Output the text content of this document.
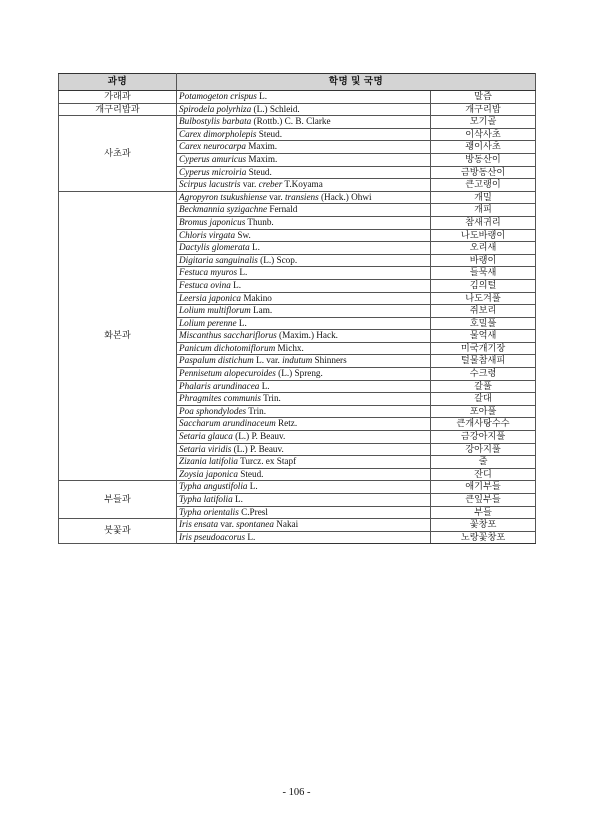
과명	학명 및 국명	
가래과	Potamogeton crispus L.	말즘
개구리밥과	Spirodela polyrhiza (L.) Schleid.	개구리밥
사초과	Bulbostylis barbata (Rottb.) C. B. Clarke	모기골
	Carex dimorpholepis Steud.	이삭사초
	Carex neurocarpa Maxim.	괭이사초
	Cyperus amuricus Maxim.	방동산이
	Cyperus microiria Steud.	금방동산이
	Scirpus lacustris var. creber T.Koyama	큰고랭이
화본과	Agropyron tsukushiense var. transiens (Hack.) Ohwi	개밀
	Beckmannia syzigachne Fernald	개피
	Bromus japonicus Thunb.	참새귀리
	Chloris virgata Sw.	나도바랭이
	Dactylis glomerata L.	오리새
	Digitaria sanguinalis (L.) Scop.	바랭이
	Festuca myuros L.	들묵새
	Festuca ovina L.	김의털
	Leersia japonica Makino	나도겨풀
	Lolium multiflorum Lam.	쥐보리
	Lolium perenne L.	호밀풀
	Miscanthus sacchariflorus (Maxim.) Hack.	물억새
	Panicum dichotomiflorum Michx.	미국개기장
	Paspalum distichum L. var. indutum Shinners	털물참새피
	Pennisetum alopecuroides (L.) Spreng.	수크령
	Phalaris arundinacea L.	갈풀
	Phragmites communis Trin.	갈대
	Poa sphondylodes Trin.	포아풀
	Saccharum arundinaceum Retz.	큰개사탕수수
	Setaria glauca (L.) P. Beauv.	금강아지풀
	Setaria viridis (L.) P. Beauv.	강아지풀
	Zizania latifolia Turcz. ex Stapf	줄
	Zoysia japonica Steud.	잔디
부들과	Typha angustifolia L.	애기부들
	Typha latifolia L.	큰잎부들
	Typha orientalis C.Presl	부들
붓꽃과	Iris ensata var. spontanea Nakai	꽃창포
	Iris pseudoacorus L.	노랑꽃창포
- 106 -
